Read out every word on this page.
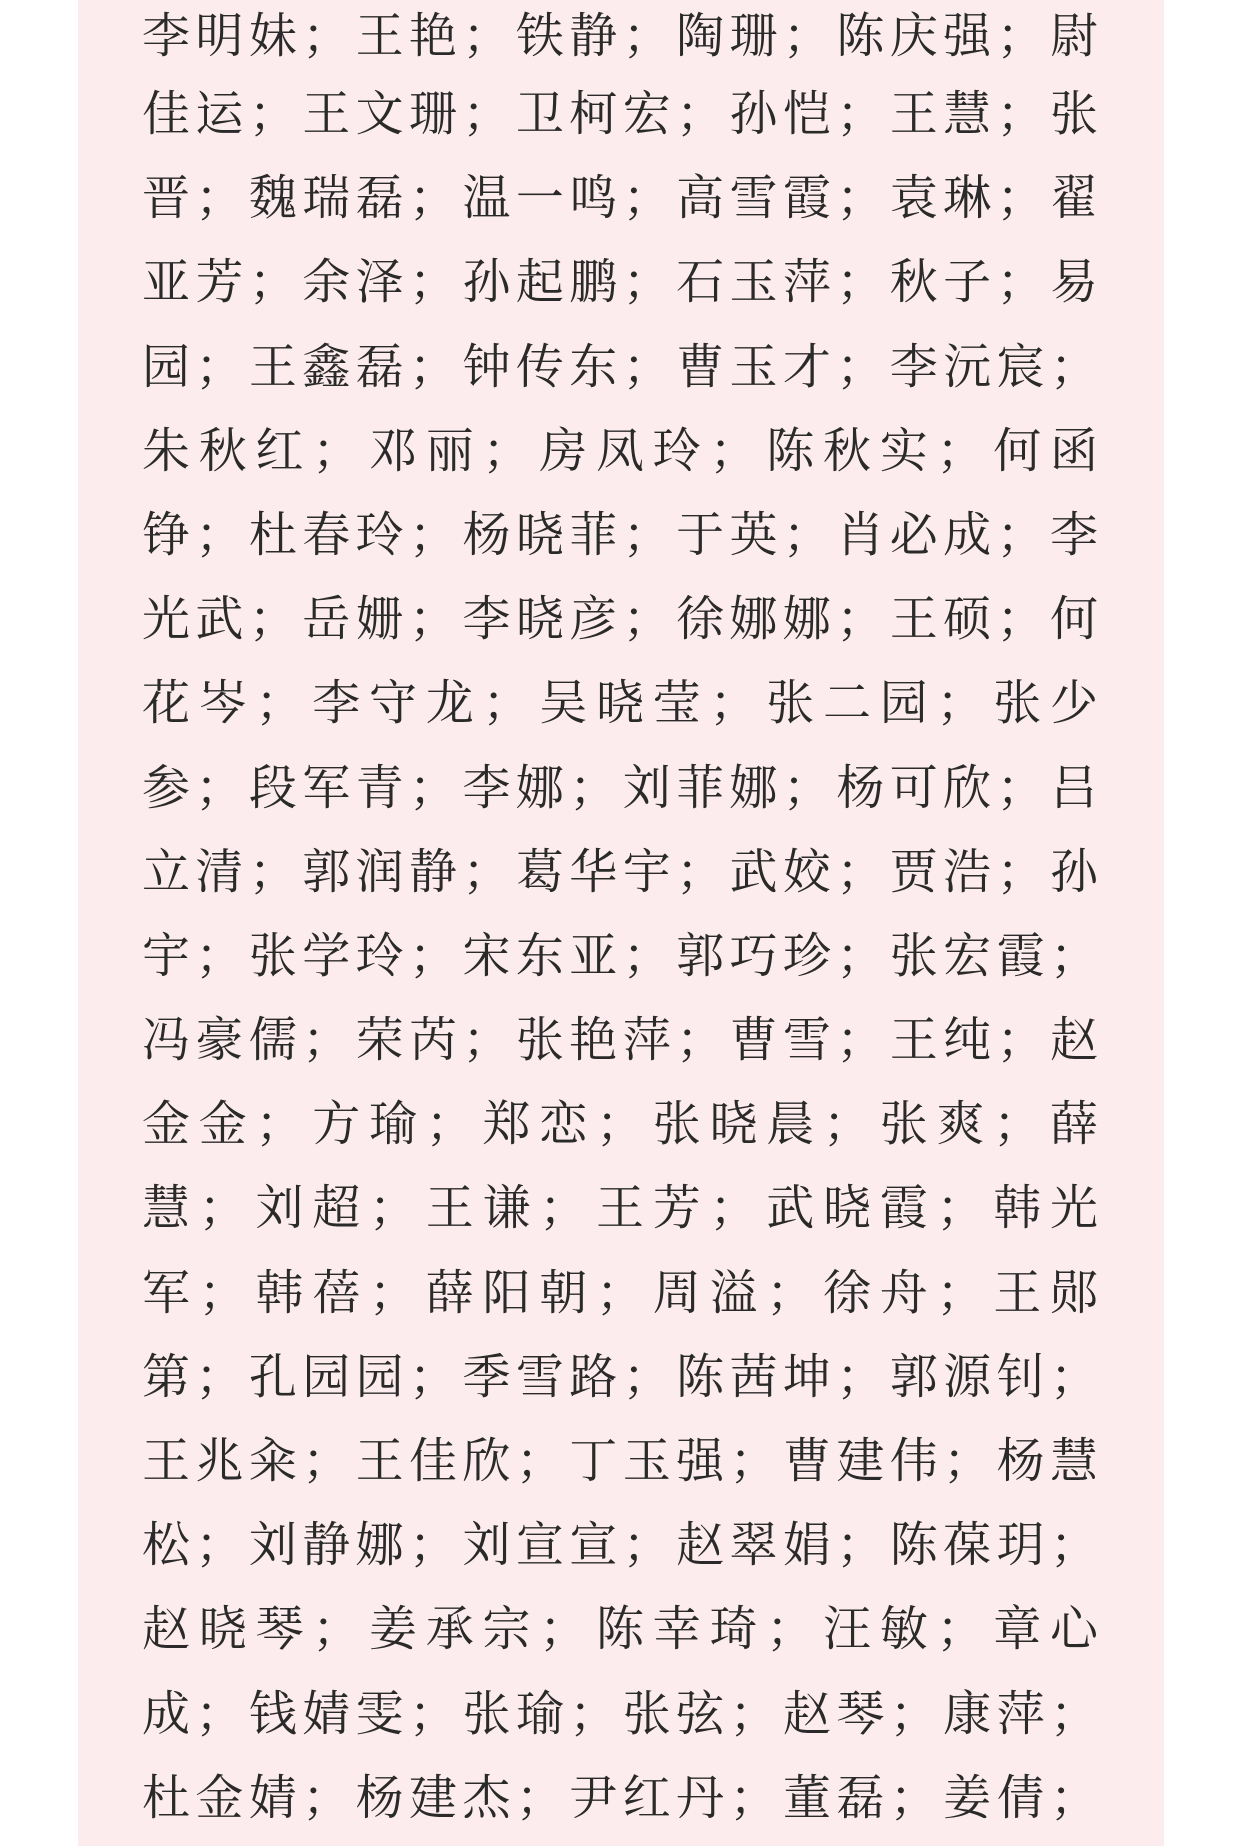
李明妹；王艳；铁静；陶珊；陈庆强；尉
佳运；王文珊；卫柯宏；孙恺；王慧；张
晋；魏瑞磊；温一鸣；高雪霞；袁琳；翟
亚芳；余泽；孙起鹏；石玉萍；秋子；易
园；王鑫磊；钟传东；曹玉才；李沅宸；
朱秋红；邓丽；房凤玲；陈秋实；何函
铮；杜春玲；杨晓菲；于英；肖必成；李
光武；岳姗；李晓彦；徐娜娜；王硕；何
花岑；李守龙；吴晓莹；张二园；张少
参；段军青；李娜；刘菲娜；杨可欣；吕
立清；郭润静；葛华宇；武姣；贾浩；孙
宇；张学玲；宋东亚；郭巧珍；张宏霞；
冯豪儒；荣芮；张艳萍；曹雪；王纯；赵
金金；方瑜；郑恋；张晓晨；张爽；薛
慧；刘超；王谦；王芳；武晓霞；韩光
军；韩蓓；薛阳朝；周溢；徐舟；王郧
第；孔园园；季雪路；陈茜坤；郭源钊；
王兆籴；王佳欣；丁玉强；曹建伟；杨慧
松；刘静娜；刘宣宣；赵翠娟；陈葆玥；
赵晓琴；姜承宗；陈幸琦；汪敏；章心
成；钱婧雯；张瑜；张弦；赵琴；康萍；
杜金婧；杨建杰；尹红丹；董磊；姜倩；
